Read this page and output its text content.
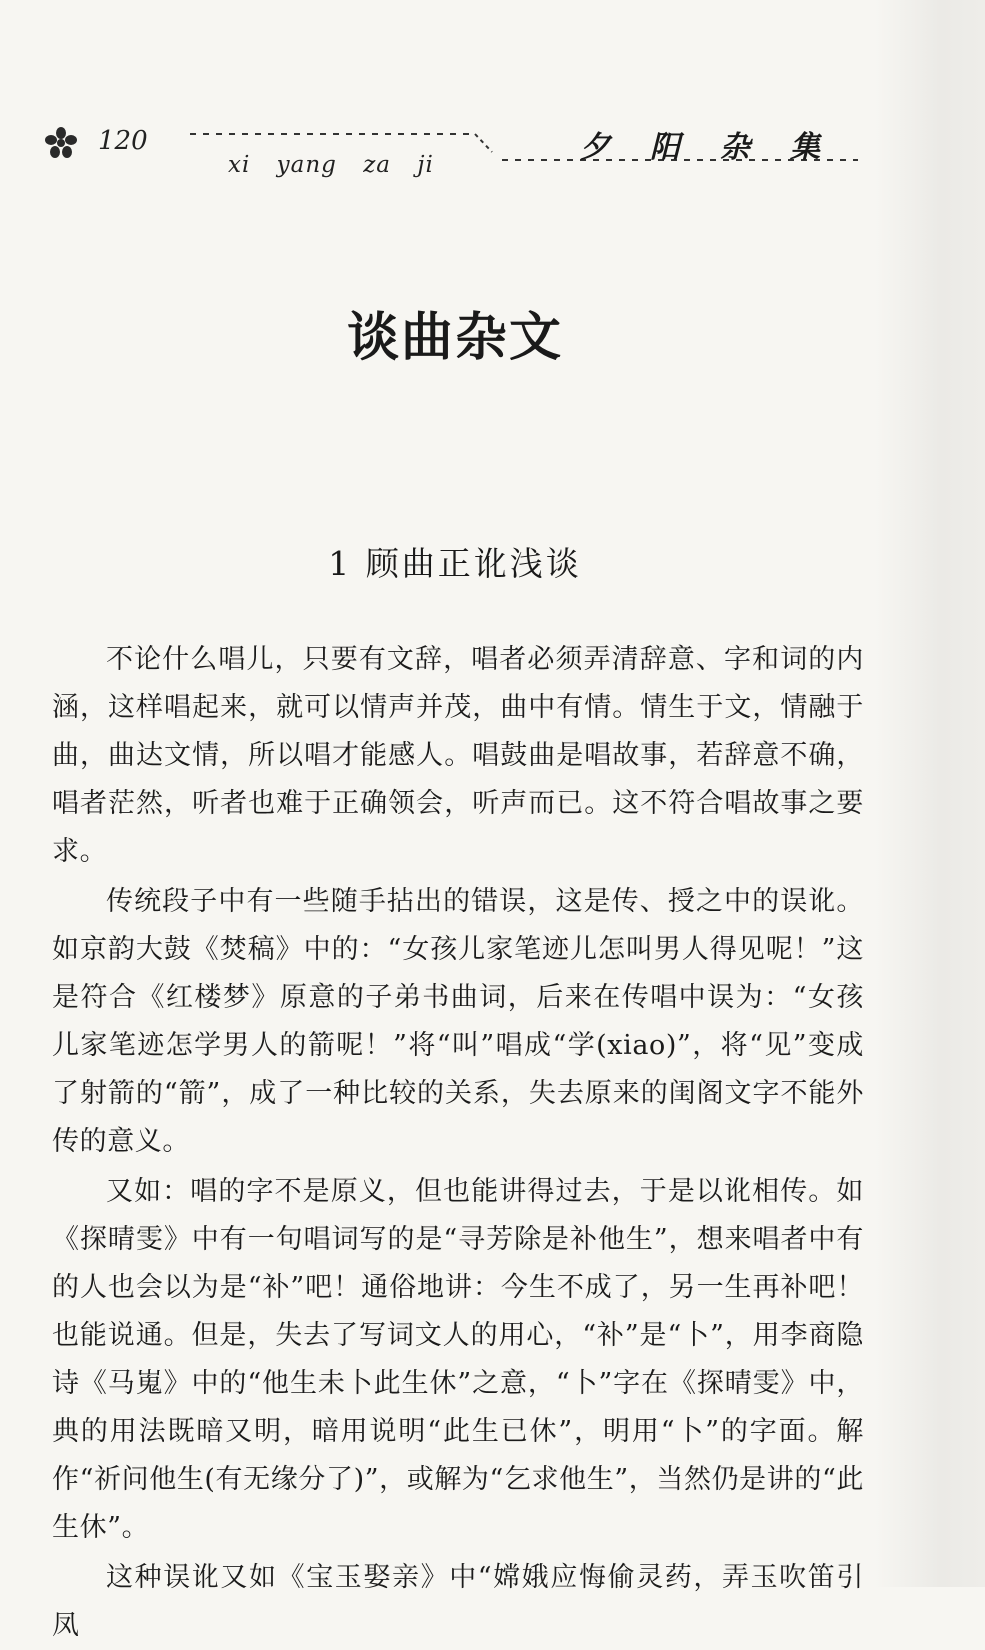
120
xi yang za ji	夕阳杂集
谈曲杂文
1 顾曲正讹浅谈

不论什么唱儿，只要有文辞，唱者必须弄清辞意、字和词的内涵，这样唱起来，就可以情声并茂，曲中有情。情生于文，情融于曲，曲达文情，所以唱才能感人。唱鼓曲是唱故事，若辞意不确，唱者茫然，听者也难于正确领会，听声而已。这不符合唱故事之要求。

传统段子中有一些随手拈出的错误，这是传、授之中的误讹。如京韵大鼓《焚稿》中的：“女孩儿家笔迹儿怎叫男人得见呢！”这是符合《红楼梦》原意的子弟书曲词，后来在传唱中误为：“女孩儿家笔迹怎学男人的箭呢！”将“叫”唱成“学(xiao)”，将“见”变成了射箭的“箭”，成了一种比较的关系，失去原来的闺阁文字不能外传的意义。

又如：唱的字不是原义，但也能讲得过去，于是以讹相传。如《探晴雯》中有一句唱词写的是“寻芳除是补他生”，想来唱者中有的人也会以为是“补”吧！通俗地讲：今生不成了，另一生再补吧！也能说通。但是，失去了写词文人的用心，“补”是“卜”，用李商隐诗《马嵬》中的“他生未卜此生休”之意，“卜”字在《探晴雯》中，典的用法既暗又明，暗用说明“此生已休”，明用“卜”的字面。解作“祈问他生(有无缘分了)”，或解为“乞求他生”，当然仍是讲的“此生休”。

这种误讹又如《宝玉娶亲》中“嫦娥应悔偷灵药，弄玉吹笛引凤
